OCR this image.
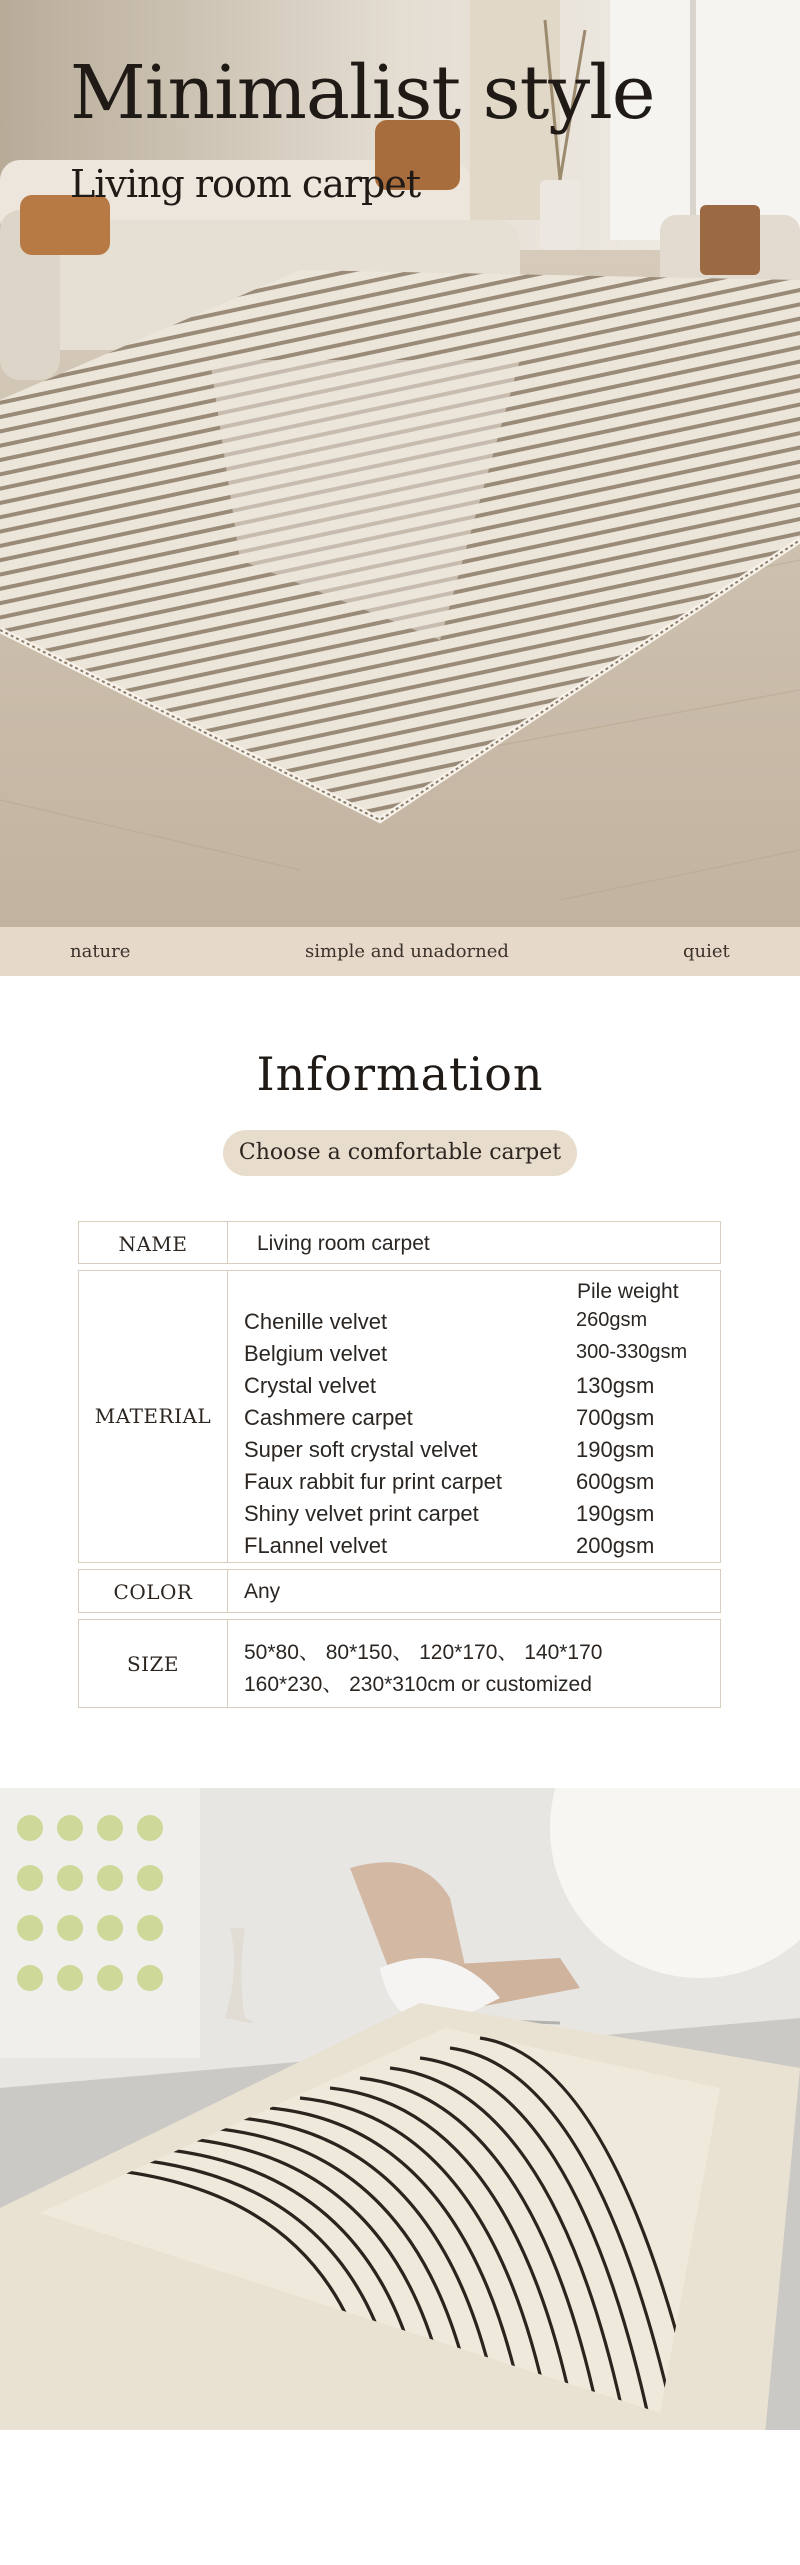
Minimalist style
Living room carpet
nature	simple and unadorned	quiet
Information
Choose a comfortable carpet
NAME	Living room carpet
MATERIAL
Pile weight
Chenille velvet	260gsm
Belgium velvet	300-330gsm
Crystal velvet	130gsm
Cashmere carpet	700gsm
Super soft crystal velvet	190gsm
Faux rabbit fur print carpet	600gsm
Shiny velvet print carpet	190gsm
FLannel velvet	200gsm
COLOR	Any
SIZE	50*80、 80*150、 120*170、 140*170
160*230、 230*310cm or customized
